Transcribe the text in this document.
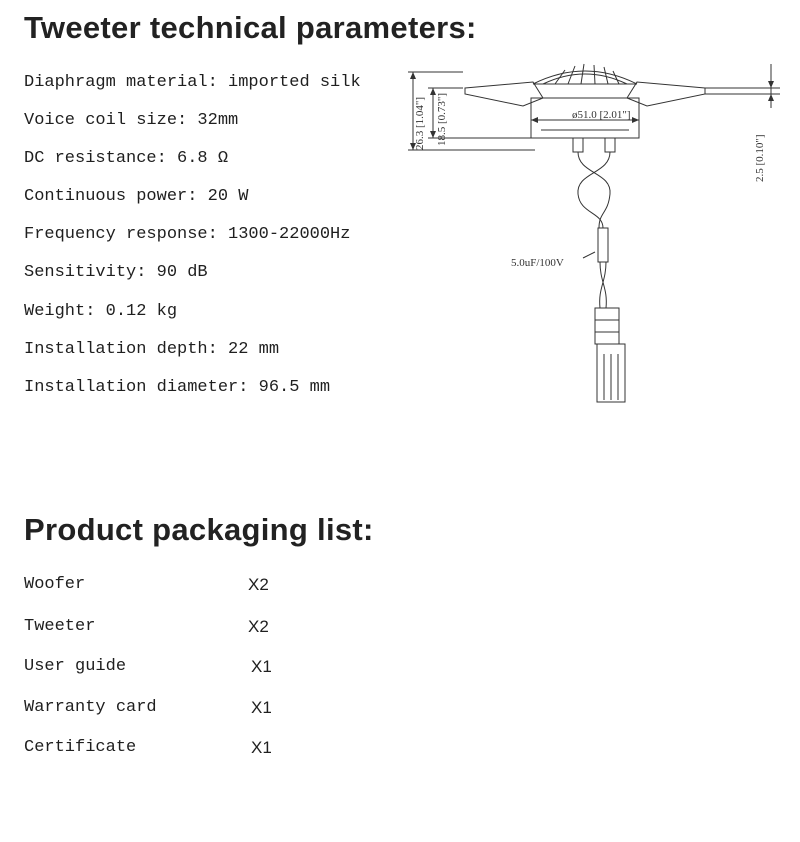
Tweeter technical parameters:
Diaphragm material: imported silk
Voice coil size: 32mm
DC resistance: 6.8 Ω
Continuous power: 20 W
Frequency response: 1300-22000Hz
Sensitivity: 90 dB
Weight: 0.12 kg
Installation depth: 22 mm
Installation diameter: 96.5 mm
26.3 [1.04"] 18.5 [0.73"]	ø51.0 [2.01"]
2.5 [0.10"]
5.0uF/100V
Product packaging list:
Woofer	X2
Tweeter	X2
User guide	X1
Warranty card	X1
Certificate	X1
